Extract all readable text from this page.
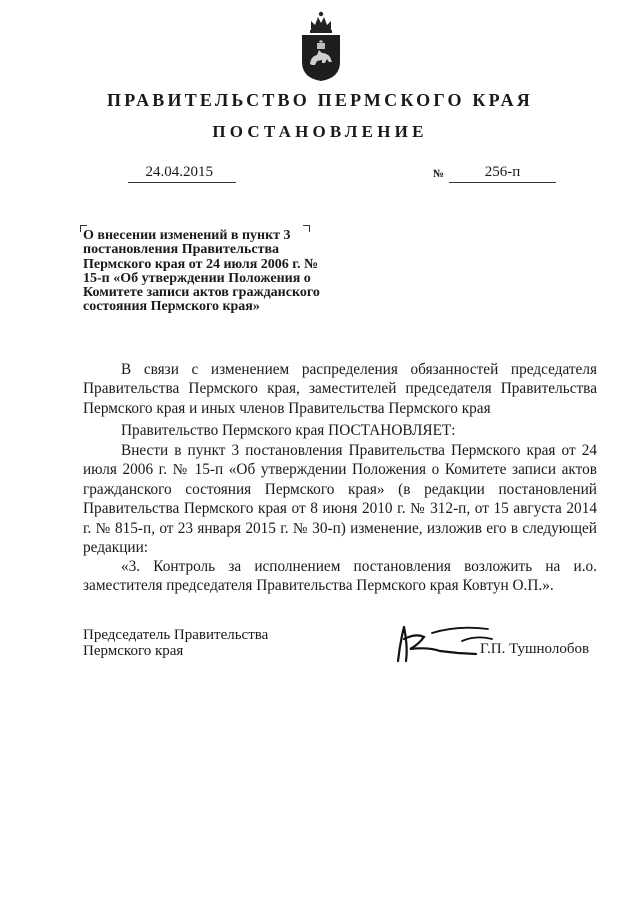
ПРАВИТЕЛЬСТВО ПЕРМСКОГО КРАЯ
ПОСТАНОВЛЕНИЕ
24.04.2015	№	256-п
О внесении изменений в пункт 3 постановления Правительства Пермского края от 24 июля 2006 г. № 15-п «Об утверждении Положения о Комитете записи актов гражданского состояния Пермского края»
В связи с изменением распределения обязанностей председателя Правительства Пермского края, заместителей председателя Правительства Пермского края и иных членов Правительства Пермского края
Правительство Пермского края ПОСТАНОВЛЯЕТ:
Внести в пункт 3 постановления Правительства Пермского края от 24 июля 2006 г. № 15-п «Об утверждении Положения о Комитете записи актов гражданского состояния Пермского края» (в редакции постановлений Правительства Пермского края от 8 июня 2010 г. № 312-п, от 15 августа 2014 г. № 815-п, от 23 января 2015 г. № 30-п) изменение, изложив его в следующей редакции:
«3. Контроль за исполнением постановления возложить на и.о. заместителя председателя Правительства Пермского края Ковтун О.П.».
Председатель Правительства
Пермского края	Г.П. Тушнолобов
